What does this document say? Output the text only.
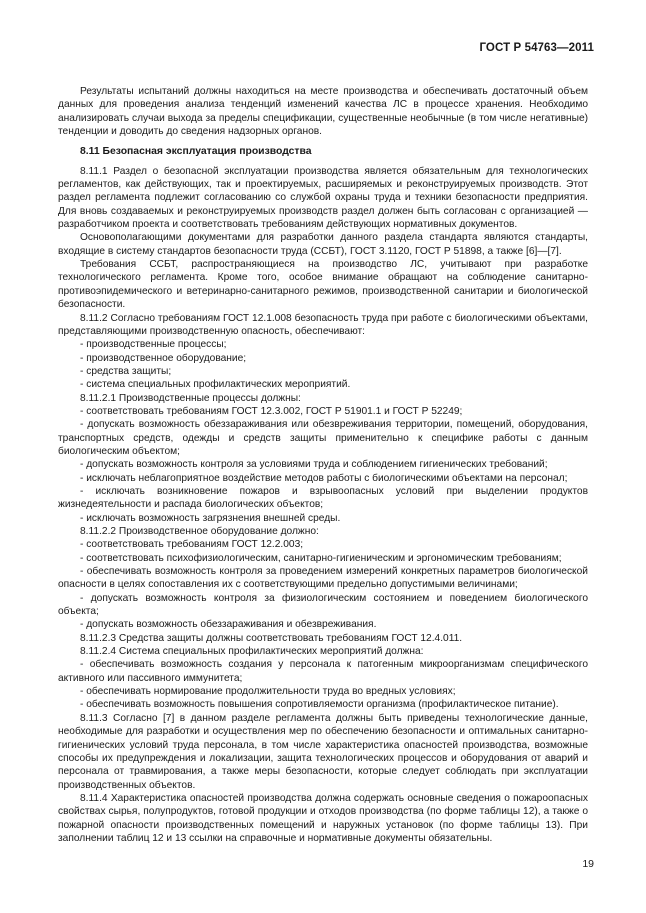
ГОСТ Р 54763—2011

Результаты испытаний должны находиться на месте производства и обеспечивать достаточный объем данных для проведения анализа тенденций изменений качества ЛС в процессе хранения. Необходимо анализировать случаи выхода за пределы спецификации, существенные необычные (в том числе негативные) тенденции и доводить до сведения надзорных органов.

8.11 Безопасная эксплуатация производства

8.11.1 Раздел о безопасной эксплуатации производства является обязательным для технологических регламентов, как действующих, так и проектируемых, расширяемых и реконструируемых производств. Этот раздел регламента подлежит согласованию со службой охраны труда и техники безопасности предприятия. Для вновь создаваемых и реконструируемых производств раздел должен быть согласован с организацией — разработчиком проекта и соответствовать требованиям действующих нормативных документов.

Основополагающими документами для разработки данного раздела стандарта являются стандарты, входящие в систему стандартов безопасности труда (ССБТ), ГОСТ 3.1120, ГОСТ Р 51898, а также [6]—[7].

Требования ССБТ, распространяющиеся на производство ЛС, учитывают при разработке технологического регламента. Кроме того, особое внимание обращают на соблюдение санитарно-противоэпидемического и ветеринарно-санитарного режимов, производственной санитарии и биологической безопасности.

8.11.2 Согласно требованиям ГОСТ 12.1.008 безопасность труда при работе с биологическими объектами, представляющими производственную опасность, обеспечивают:

- производственные процессы;

- производственное оборудование;

- средства защиты;

- система специальных профилактических мероприятий.

8.11.2.1 Производственные процессы должны:

- соответствовать требованиям ГОСТ 12.3.002, ГОСТ Р 51901.1 и ГОСТ Р 52249;

- допускать возможность обеззараживания или обезвреживания территории, помещений, оборудования, транспортных средств, одежды и средств защиты применительно к специфике работы с данным биологическим объектом;

- допускать возможность контроля за условиями труда и соблюдением гигиенических требований;

- исключать неблагоприятное воздействие методов работы с биологическими объектами на персонал;

- исключать возникновение пожаров и взрывоопасных условий при выделении продуктов жизнедеятельности и распада биологических объектов;

- исключать возможность загрязнения внешней среды.

8.11.2.2 Производственное оборудование должно:

- соответствовать требованиям ГОСТ 12.2.003;

- соответствовать психофизиологическим, санитарно-гигиеническим и эргономическим требованиям;

- обеспечивать возможность контроля за проведением измерений конкретных параметров биологической опасности в целях сопоставления их с соответствующими предельно допустимыми величинами;

- допускать возможность контроля за физиологическим состоянием и поведением биологического объекта;

- допускать возможность обеззараживания и обезвреживания.

8.11.2.3 Средства защиты должны соответствовать требованиям ГОСТ 12.4.011.

8.11.2.4 Система специальных профилактических мероприятий должна:

- обеспечивать возможность создания у персонала к патогенным микроорганизмам специфического активного или пассивного иммунитета;

- обеспечивать нормирование продолжительности труда во вредных условиях;

- обеспечивать возможность повышения сопротивляемости организма (профилактическое питание).

8.11.3 Согласно [7] в данном разделе регламента должны быть приведены технологические данные, необходимые для разработки и осуществления мер по обеспечению безопасности и оптимальных санитарно-гигиенических условий труда персонала, в том числе характеристика опасностей производства, возможные способы их предупреждения и локализации, защита технологических процессов и оборудования от аварий и персонала от травмирования, а также меры безопасности, которые следует соблюдать при эксплуатации производственных объектов.

8.11.4 Характеристика опасностей производства должна содержать основные сведения о пожароопасных свойствах сырья, полупродуктов, готовой продукции и отходов производства (по форме таблицы 12), а также о пожарной опасности производственных помещений и наружных установок (по форме таблицы 13). При заполнении таблиц 12 и 13 ссылки на справочные и нормативные документы обязательны.

19
